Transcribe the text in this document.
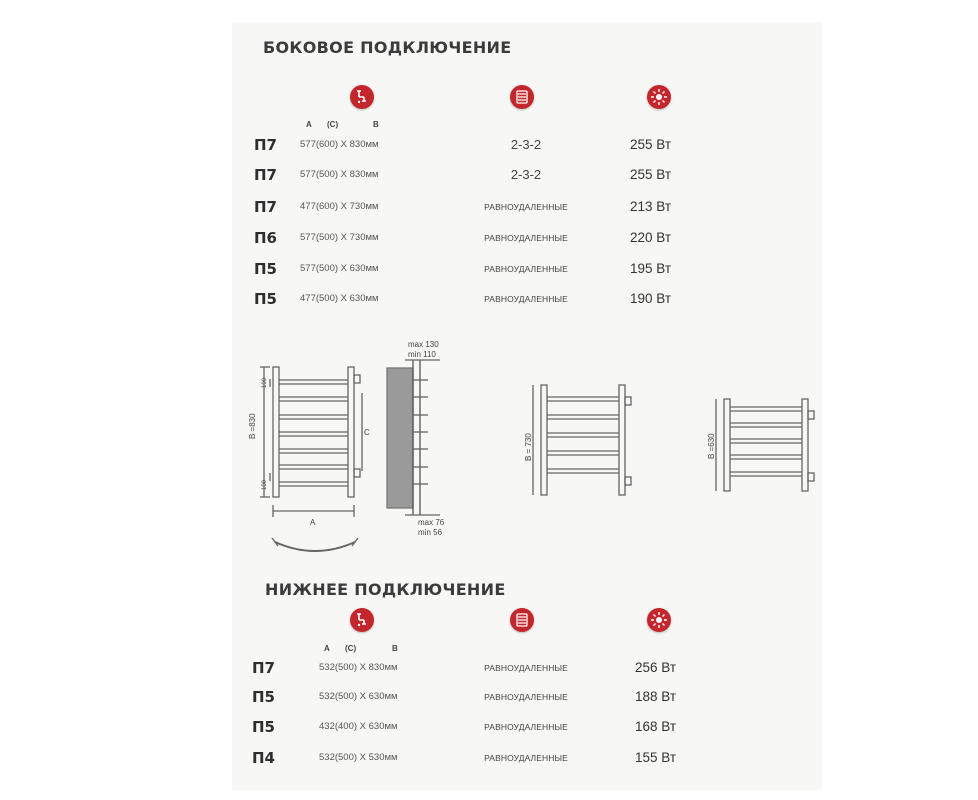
БОКОВОЕ ПОДКЛЮЧЕНИЕ
A (C)	B
П7 577(600) X 830мм	2-3-2	255 Вт
П7 577(500) X 830мм	2-3-2	255 Вт
П7 477(600) X 730мм	РАВНОУДАЛЕННЫЕ	213 Вт
П6 577(500) X 730мм	РАВНОУДАЛЕННЫЕ	220 Вт
П5 577(500) X 630мм	РАВНОУДАЛЕННЫЕ	195 Вт
П5 477(500) X 630мм	РАВНОУДАЛЕННЫЕ	190 Вт
B =830
100
100
A
C
max 130
min 110
max 76
min 56
B = 730	B =630
НИЖНЕЕ ПОДКЛЮЧЕНИЕ
A (C)	B
П7	532(500) X 830мм	РАВНОУДАЛЕННЫЕ	256 Вт
П5	532(500) X 630мм	РАВНОУДАЛЕННЫЕ	188 Вт
П5	432(400) X 630мм	РАВНОУДАЛЕННЫЕ	168 Вт
П4	532(500) X 530мм	РАВНОУДАЛЕННЫЕ	155 Вт
